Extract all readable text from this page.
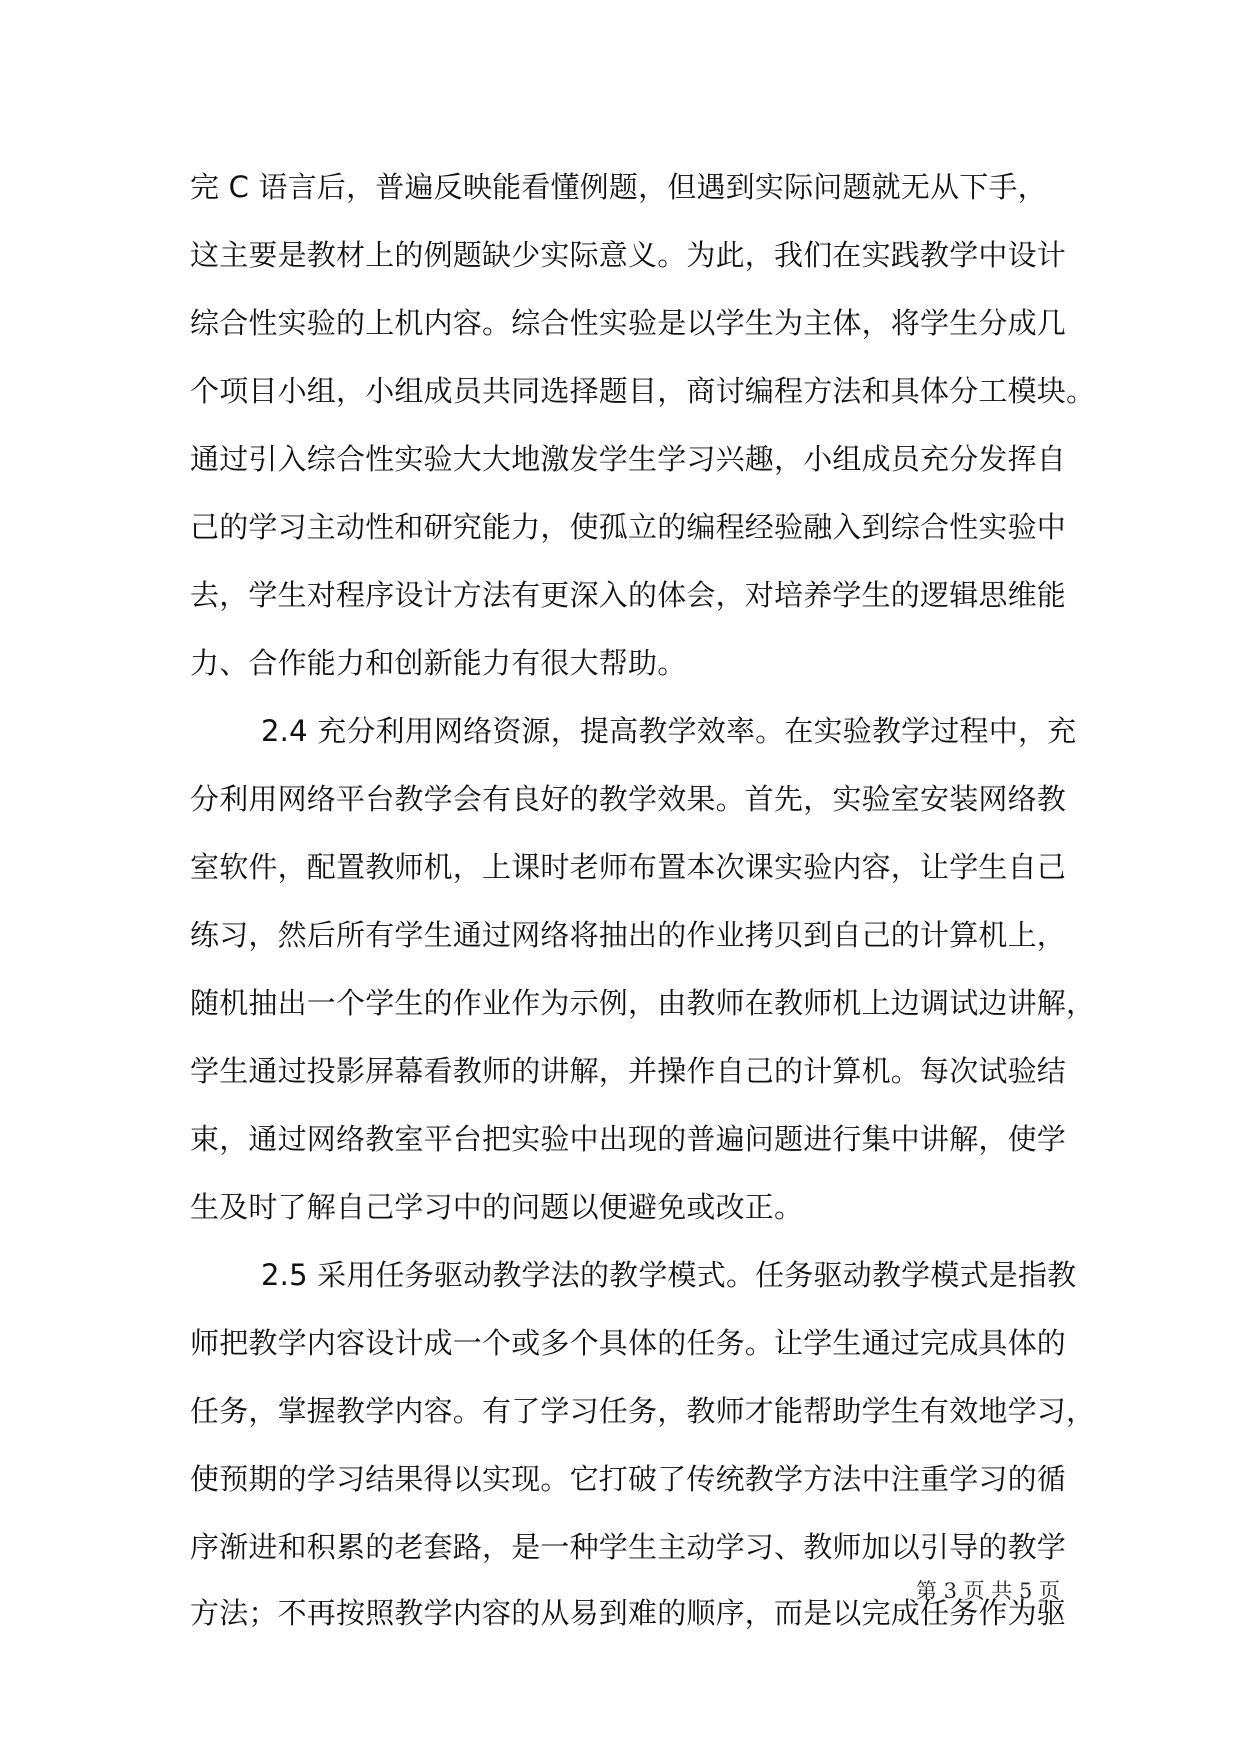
完 C 语言后，普遍反映能看懂例题，但遇到实际问题就无从下手，
这主要是教材上的例题缺少实际意义。为此，我们在实践教学中设计
综合性实验的上机内容。综合性实验是以学生为主体，将学生分成几
个项目小组，小组成员共同选择题目，商讨编程方法和具体分工模块。
通过引入综合性实验大大地激发学生学习兴趣，小组成员充分发挥自
己的学习主动性和研究能力，使孤立的编程经验融入到综合性实验中
去，学生对程序设计方法有更深入的体会，对培养学生的逻辑思维能
力、合作能力和创新能力有很大帮助。
2.4 充分利用网络资源，提高教学效率。在实验教学过程中，充
分利用网络平台教学会有良好的教学效果。首先，实验室安装网络教
室软件，配置教师机，上课时老师布置本次课实验内容，让学生自己
练习，然后所有学生通过网络将抽出的作业拷贝到自己的计算机上，
随机抽出一个学生的作业作为示例，由教师在教师机上边调试边讲解，
学生通过投影屏幕看教师的讲解，并操作自己的计算机。每次试验结
束，通过网络教室平台把实验中出现的普遍问题进行集中讲解，使学
生及时了解自己学习中的问题以便避免或改正。
2.5 采用任务驱动教学法的教学模式。任务驱动教学模式是指教
师把教学内容设计成一个或多个具体的任务。让学生通过完成具体的
任务，掌握教学内容。有了学习任务，教师才能帮助学生有效地学习，
使预期的学习结果得以实现。它打破了传统教学方法中注重学习的循
序渐进和积累的老套路，是一种学生主动学习、教师加以引导的教学
方法；不再按照教学内容的从易到难的顺序，而是以完成任务作为驱
第 3 页 共 5 页
